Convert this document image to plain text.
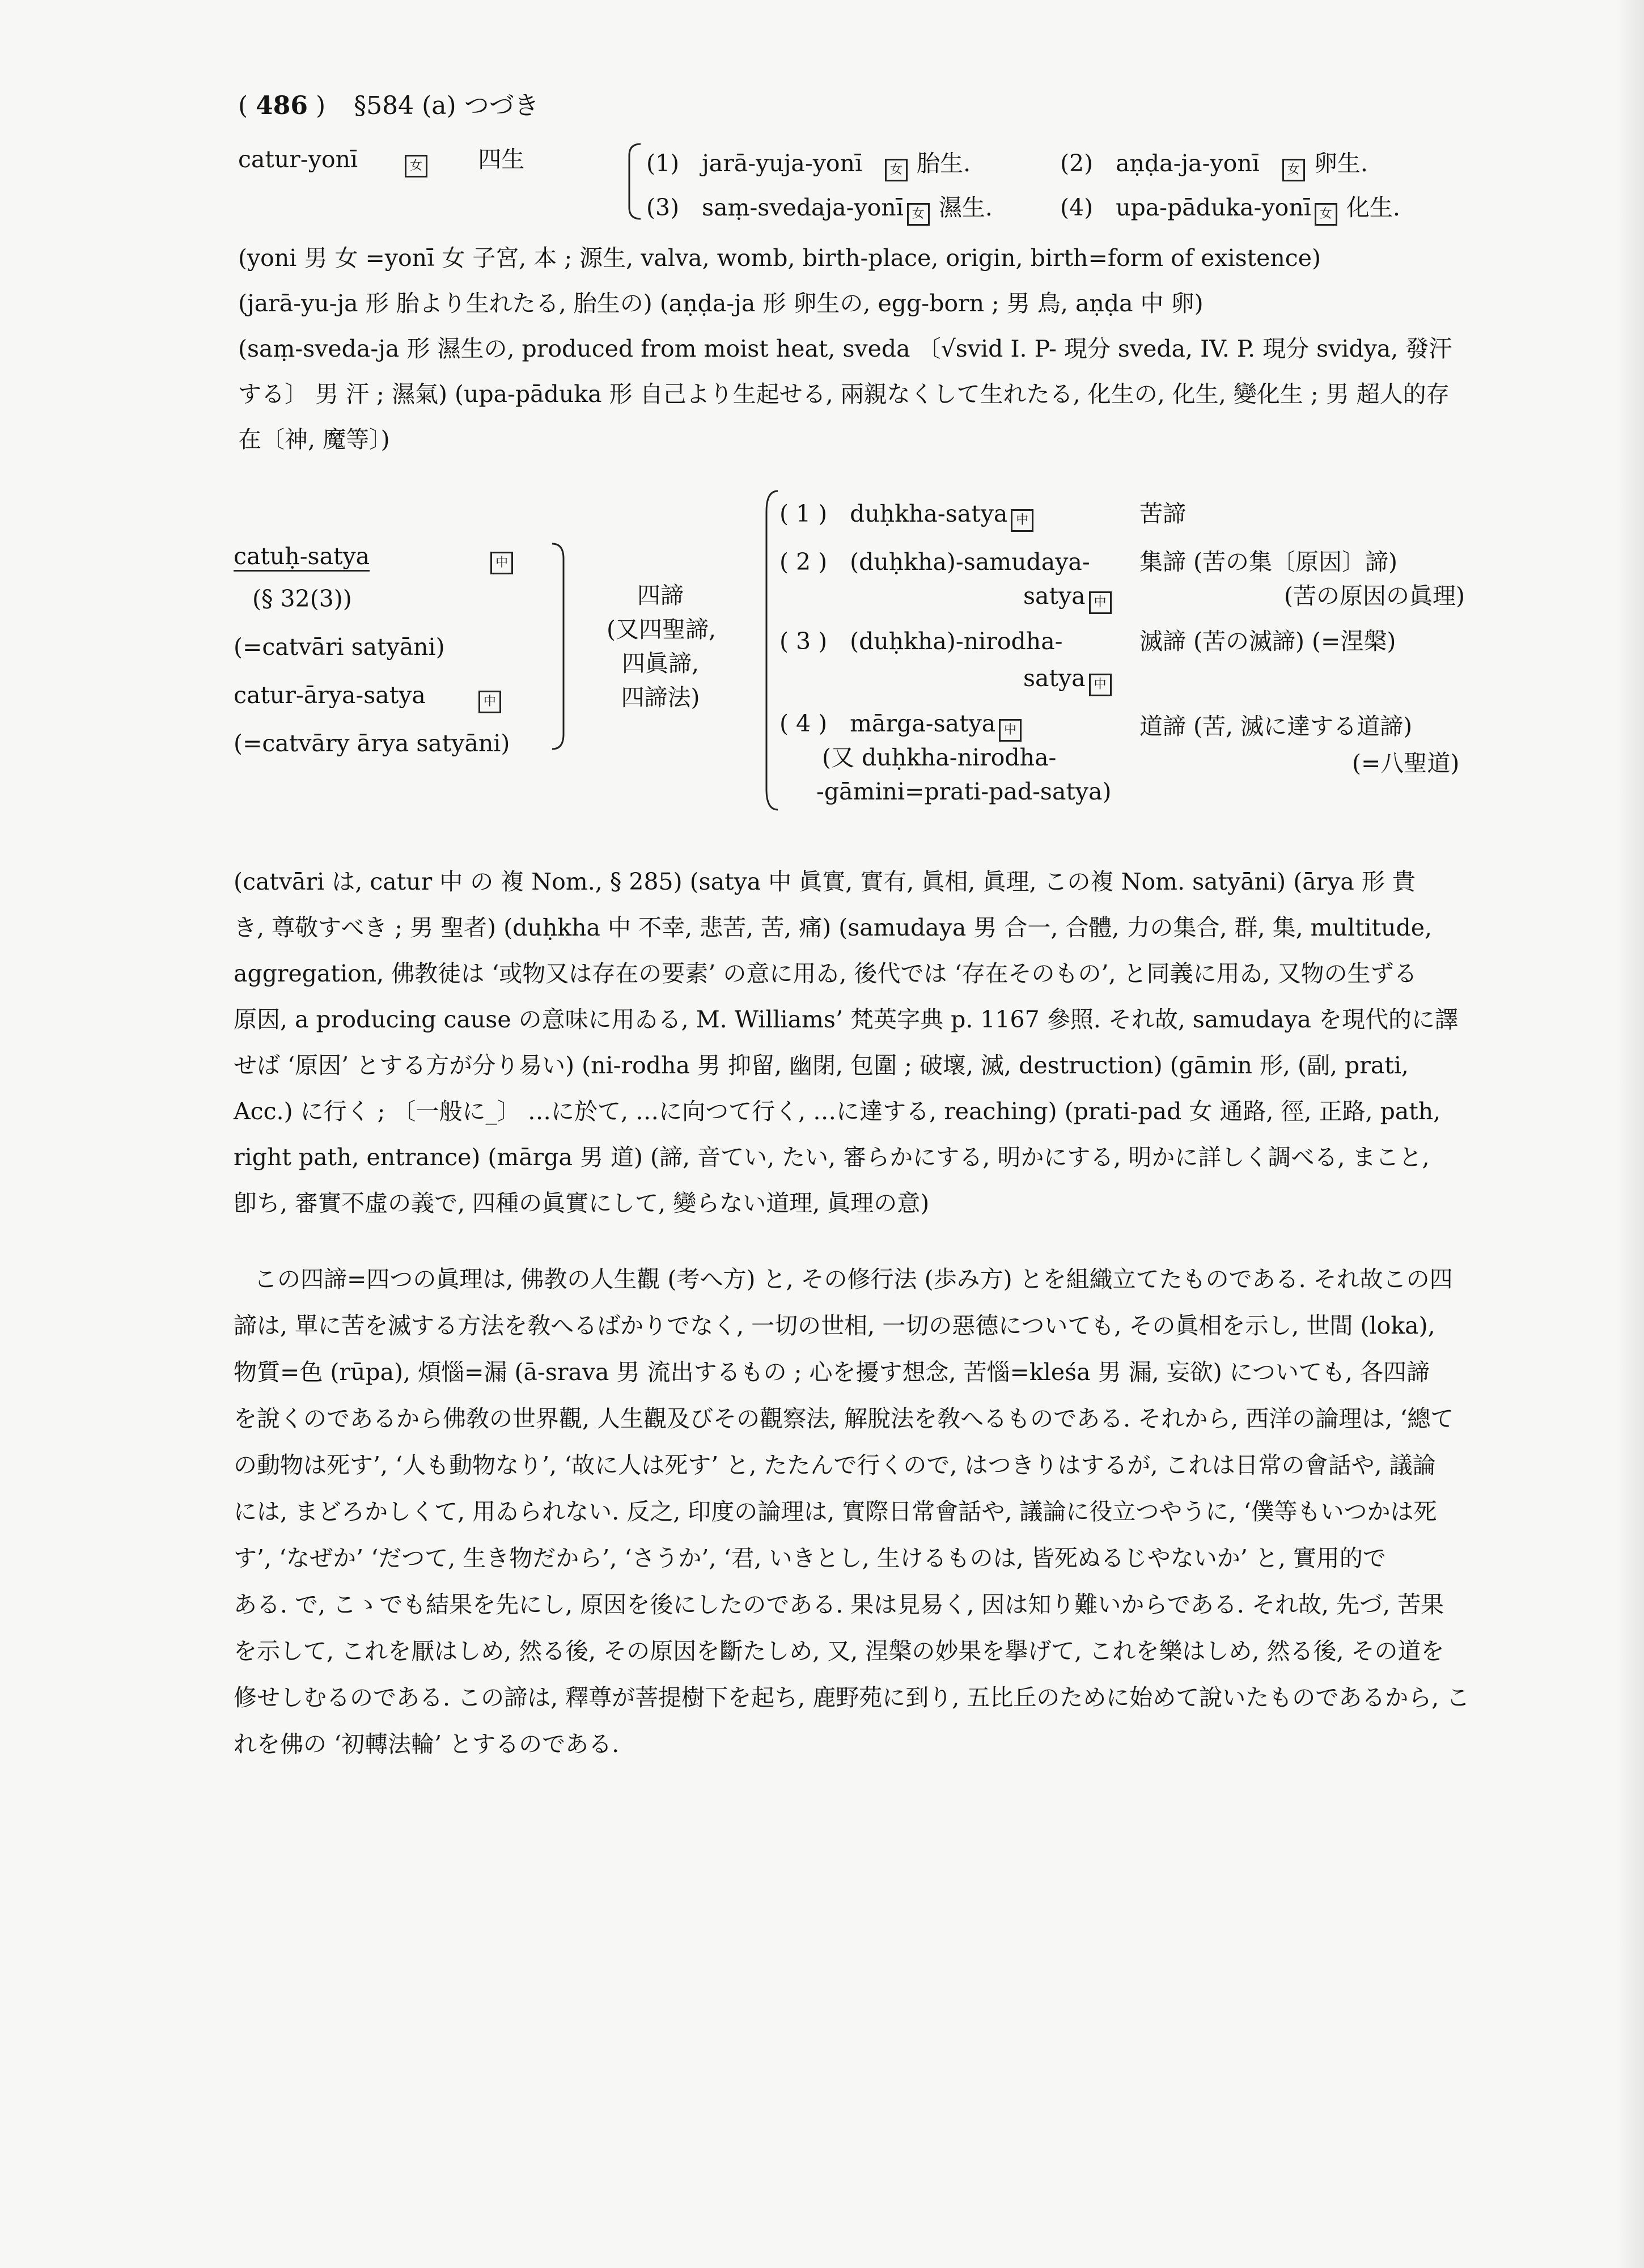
( 486 ) §584 (a) つづき
catur-yonī	女 四生	(1) jarā-yuja-yonī 女 胎生.	(2) aṇḍa-ja-yonī 女 卵生.
(3) saṃ-svedaja-yonī 女 濕生.	(4) upa-pāduka-yonī 女 化生.
(yoni 男 女 =yonī 女 子宮, 本 ; 源生, valva, womb, birth-place, origin, birth=form of existence)
(jarā-yu-ja 形 胎より生れたる, 胎生の) (aṇḍa-ja 形 卵生の, egg-born ; 男 鳥, aṇḍa 中 卵)
(saṃ-sveda-ja 形 濕生の, produced from moist heat, sveda 〔√svid I. P- 現分 sveda, IV. P. 現分 svidya, 發汗
する〕 男 汗 ; 濕氣) (upa-pāduka 形 自己より生起せる, 兩親なくして生れたる, 化生の, 化生, 變化生 ; 男 超人的存
在〔神, 魔等〕)
catuḥ-satya	中
(§ 32(3))
(=catvāri satyāni)
catur-ārya-satya	中
(=catvāry ārya satyāni)
四諦
(又四聖諦,
四眞諦,
四諦法)
( 1 ) duḥkha-satya 中	苦諦
( 2 ) (duḥkha)-samudaya-
satya 中
集諦 (苦の集〔原因〕諦)
(苦の原因の眞理)
( 3 ) (duḥkha)-nirodha-
satya 中
滅諦 (苦の滅諦) (=涅槃)
( 4 ) mārga-satya 中
(又 duḥkha-nirodha-
-gāmini=prati-pad-satya)
道諦 (苦, 滅に達する道諦)
(=八聖道)
(catvāri は, catur 中 の 複 Nom., § 285) (satya 中 眞實, 實有, 眞相, 眞理, この複 Nom. satyāni) (ārya 形 貴
き, 尊敬すべき ; 男 聖者) (duḥkha 中 不幸, 悲苦, 苦, 痛) (samudaya 男 合一, 合體, 力の集合, 群, 集, multitude,
aggregation, 佛教徒は ‘或物又は存在の要素’ の意に用ゐ, 後代では ‘存在そのもの’, と同義に用ゐ, 又物の生ずる
原因, a producing cause の意味に用ゐる, M. Williams’ 梵英字典 p. 1167 參照. それ故, samudaya を現代的に譯
せば ‘原因’ とする方が分り易い) (ni-rodha 男 抑留, 幽閉, 包圍 ; 破壞, 滅, destruction) (gāmin 形, (副, prati,
Acc.) に行く ; 〔一般に_〕 …に於て, …に向つて行く, …に達する, reaching) (prati-pad 女 通路, 徑, 正路, path,
right path, entrance) (mārga 男 道) (諦, 音てい, たい, 審らかにする, 明かにする, 明かに詳しく調べる, まこと,
卽ち, 審實不虛の義で, 四種の眞實にして, 變らない道理, 眞理の意)
この四諦=四つの眞理は, 佛教の人生觀 (考へ方) と, その修行法 (歩み方) とを組織立てたものである. それ故この四
諦は, 單に苦を滅する方法を敎へるばかりでなく, 一切の世相, 一切の惡德についても, その眞相を示し, 世間 (loka),
物質=色 (rūpa), 煩惱=漏 (ā-srava 男 流出するもの ; 心を擾す想念, 苦惱=kleśa 男 漏, 妄欲) についても, 各四諦
を說くのであるから佛敎の世界觀, 人生觀及びその觀察法, 解脫法を敎へるものである. それから, 西洋の論理は, ‘總て
の動物は死す’, ‘人も動物なり’, ‘故に人は死す’ と, たたんで行くので, はつきりはするが, これは日常の會話や, 議論
には, まどろかしくて, 用ゐられない. 反之, 印度の論理は, 實際日常會話や, 議論に役立つやうに, ‘僕等もいつかは死
す’, ‘なぜか’ ‘だつて, 生き物だから’, ‘さうか’, ‘君, いきとし, 生けるものは, 皆死ぬるじやないか’ と, 實用的で
ある. で, こゝでも結果を先にし, 原因を後にしたのである. 果は見易く, 因は知り難いからである. それ故, 先づ, 苦果
を示して, これを厭はしめ, 然る後, その原因を斷たしめ, 又, 涅槃の妙果を擧げて, これを樂はしめ, 然る後, その道を
修せしむるのである. この諦は, 釋尊が菩提樹下を起ち, 鹿野苑に到り, 五比丘のために始めて說いたものであるから, こ
れを佛の ‘初轉法輪’ とするのである.
